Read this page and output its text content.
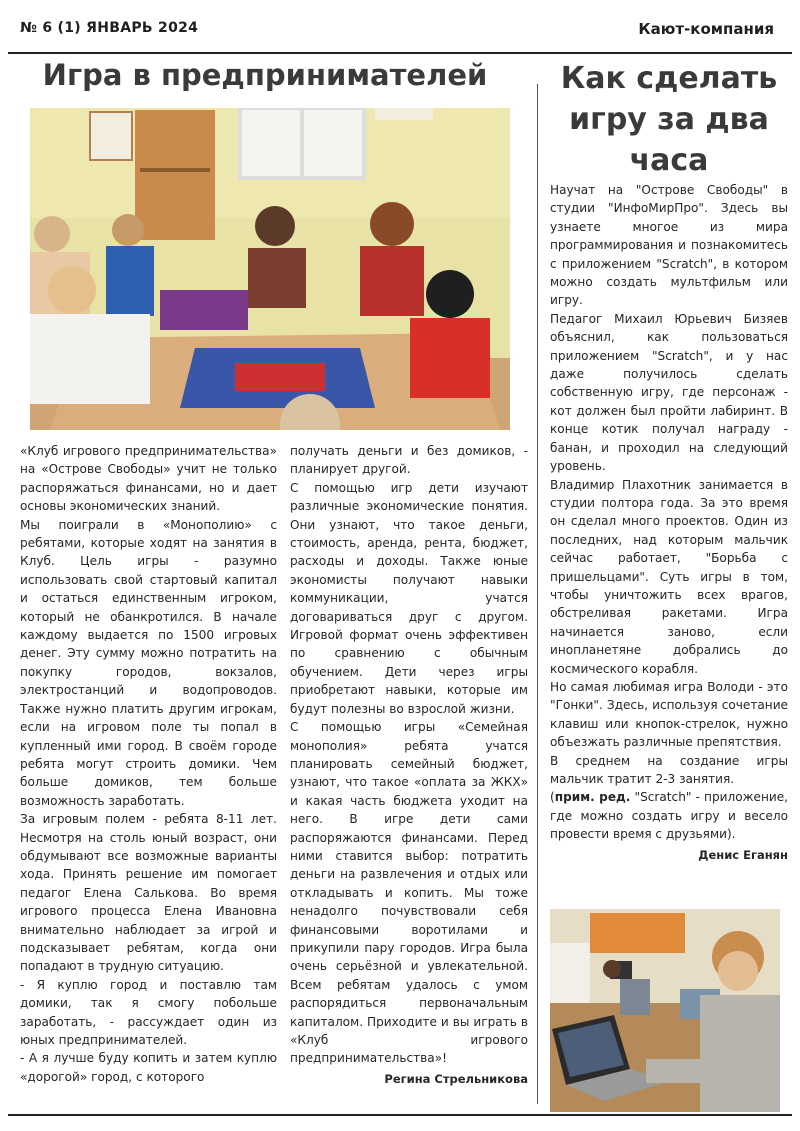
№ 6 (1) ЯНВАРЬ 2024	Кают-компания
Игра в предпринимателей

«Клуб игрового предпринимательства» на «Острове Свободы» учит не только распоряжаться финансами, но и дает основы экономических знаний.

Мы поиграли в «Монополию» с ребятами, которые ходят на занятия в Клуб. Цель игры - разумно использовать свой стартовый капитал и остаться единственным игроком, который не обанкротился. В начале каждому выдается по 1500 игровых денег. Эту сумму можно потратить на покупку городов, вокзалов, электростанций и водопроводов. Также нужно платить другим игрокам, если на игровом поле ты попал в купленный ими город. В своём городе ребята могут строить домики. Чем больше домиков, тем больше возможность заработать.

За игровым полем - ребята 8-11 лет. Несмотря на столь юный возраст, они обдумывают все возможные варианты хода. Принять решение им помогает педагог Елена Салькова. Во время игрового процесса Елена Ивановна внимательно наблюдает за игрой и подсказывает ребятам, когда они попадают в трудную ситуацию.

- Я куплю город и поставлю там домики, так я смогу побольше заработать, - рассуждает один из юных предпринимателей.

- А я лучше буду копить и затем куплю «дорогой» город, с которого

получать деньги и без домиков, - планирует другой.

С помощью игр дети изучают различные экономические понятия. Они узнают, что такое деньги, стоимость, аренда, рента, бюджет, расходы и доходы. Также юные экономисты получают навыки коммуникации, учатся договариваться друг с другом. Игровой формат очень эффективен по сравнению с обычным обучением. Дети через игры приобретают навыки, которые им будут полезны во взрослой жизни.

С помощью игры «Семейная монополия» ребята учатся планировать семейный бюджет, узнают, что такое «оплата за ЖКХ» и какая часть бюджета уходит на него. В игре дети сами распоряжаются финансами. Перед ними ставится выбор: потратить деньги на развлечения и отдых или откладывать и копить. Мы тоже ненадолго почувствовали себя финансовыми воротилами и прикупили пару городов. Игра была очень серьёзной и увлекательной. Всем ребятам удалось с умом распорядиться первоначальным капиталом. Приходите и вы играть в «Клуб игрового предпринимательства»!

Регина Стрельникова
Как сделать игру за два часа

Научат на "Острове Свободы" в студии "ИнфоМирПро". Здесь вы узнаете многое из мира программирования и познакомитесь с приложением "Scratch", в котором можно создать мультфильм или игру.

Педагог Михаил Юрьевич Бизяев объяснил, как пользоваться приложением "Scratch", и у нас даже получилось сделать собственную игру, где персонаж - кот должен был пройти лабиринт. В конце котик получал награду - банан, и проходил на следующий уровень.

Владимир Плахотник занимается в студии полтора года. За это время он сделал много проектов. Один из последних, над которым мальчик сейчас работает, "Борьба с пришельцами". Суть игры в том, чтобы уничтожить всех врагов, обстреливая ракетами. Игра начинается заново, если инопланетяне добрались до космического корабля.

Но самая любимая игра Володи - это "Гонки". Здесь, используя сочетание клавиш или кнопок-стрелок, нужно объезжать различные препятствия.

В среднем на создание игры мальчик тратит 2-3 занятия.

(прим. ред. "Scratch" - приложение, где можно создать игру и весело провести время с друзьями).

Денис Еганян
